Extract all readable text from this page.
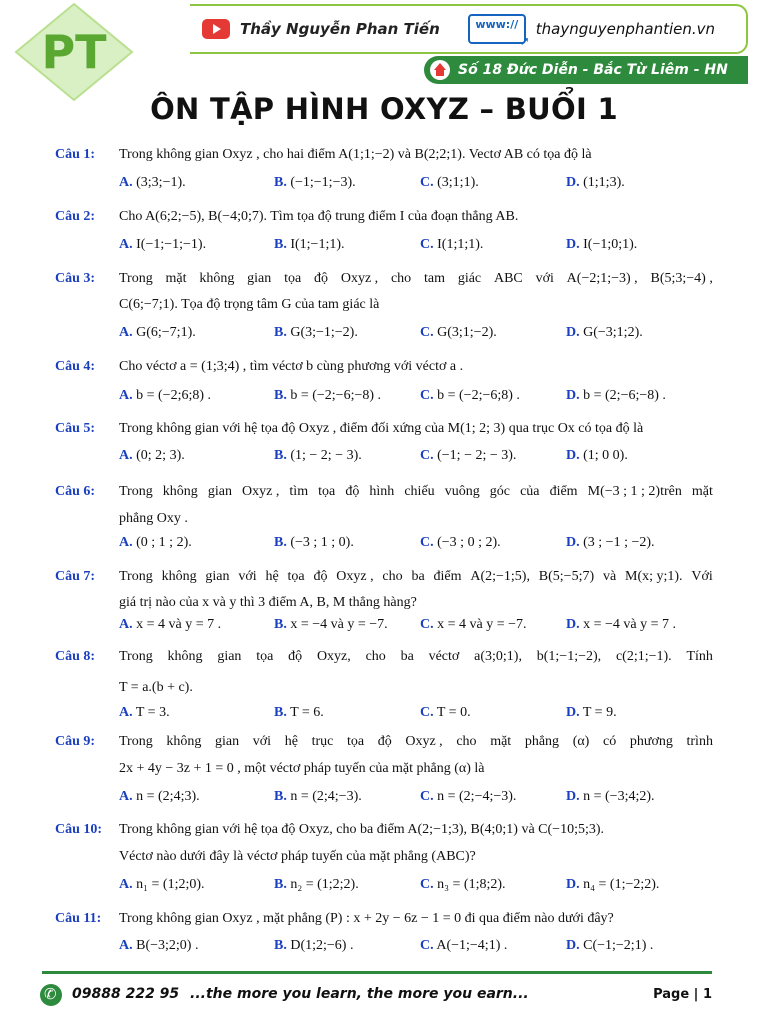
PT	Thầy Nguyễn Phan Tiến	www://
➚
thaynguyenphantien.vn
Số 18 Đức Diễn - Bắc Từ Liêm - HN
ÔN TẬP HÌNH OXYZ – BUỔI 1
Câu 1: Trong không gian Oxyz , cho hai điểm A(1;1;−2) và B(2;2;1). Vectơ AB có tọa độ là
A. (3;3;−1).	B. (−1;−1;−3).	C. (3;1;1).	D. (1;1;3).
Câu 2: Cho A(6;2;−5), B(−4;0;7). Tìm tọa độ trung điểm I của đoạn thẳng AB.
A. I(−1;−1;−1).	B. I(1;−1;1).	C. I(1;1;1).	D. I(−1;0;1).
Câu 3: Trong mặt không gian tọa độ Oxyz , cho tam giác ABC với A(−2;1;−3) , B(5;3;−4) ,
C(6;−7;1). Tọa độ trọng tâm G của tam giác là
A. G(6;−7;1).	B. G(3;−1;−2).	C. G(3;1;−2).	D. G(−3;1;2).
Câu 4: Cho véctơ a = (1;3;4) , tìm véctơ b cùng phương với véctơ a .
A. b = (−2;6;8) .	B. b = (−2;−6;−8) .	C. b = (−2;−6;8) .	D. b = (2;−6;−8) .
Câu 5: Trong không gian với hệ tọa độ Oxyz , điểm đối xứng của M(1; 2; 3) qua trục Ox có tọa độ là
A. (0; 2; 3).	B. (1; − 2; − 3).	C. (−1; − 2; − 3).	D. (1; 0 0).
Câu 6: Trong không gian Oxyz , tìm tọa độ hình chiếu vuông góc của điểm M(−3 ; 1 ; 2)trên mặt
phẳng Oxy .
A. (0 ; 1 ; 2).	B. (−3 ; 1 ; 0).	C. (−3 ; 0 ; 2).	D. (3 ; −1 ; −2).
Câu 7: Trong không gian với hệ tọa độ Oxyz , cho ba điểm A(2;−1;5), B(5;−5;7) và M(x; y;1). Với
giá trị nào của x và y thì 3 điểm A, B, M thẳng hàng?
A. x = 4 và y = 7 .	B. x = −4 và y = −7. C. x = 4 và y = −7.	D. x = −4 và y = 7 .
Câu 8: Trong không gian tọa độ Oxyz, cho ba véctơ a(3;0;1), b(1;−1;−2), c(2;1;−1). Tính
T = a.(b + c).
A. T = 3.	B. T = 6.	C. T = 0.	D. T = 9.
Câu 9: Trong không gian với hệ trục tọa độ Oxyz , cho mặt phẳng (α) có phương trình
2x + 4y − 3z + 1 = 0 , một véctơ pháp tuyến của mặt phẳng (α) là
A. n = (2;4;3).	B. n = (2;4;−3).	C. n = (2;−4;−3).	D. n = (−3;4;2).
Câu 10: Trong không gian với hệ tọa độ Oxyz, cho ba điểm A(2;−1;3), B(4;0;1) và C(−10;5;3).
Véctơ nào dưới đây là véctơ pháp tuyến của mặt phẳng (ABC)?
A. n₁ = (1;2;0).	B. n₂ = (1;2;2).	C. n₃ = (1;8;2).	D. n₄ = (1;−2;2).
Câu 11: Trong không gian Oxyz , mặt phẳng (P) : x + 2y − 6z − 1 = 0 đi qua điểm nào dưới đây?
A. B(−3;2;0) .	B. D(1;2;−6) .	C. A(−1;−4;1) .	D. C(−1;−2;1) .
✆
09888 222 95 ...the more you learn, the more you earn...	Page | 1
